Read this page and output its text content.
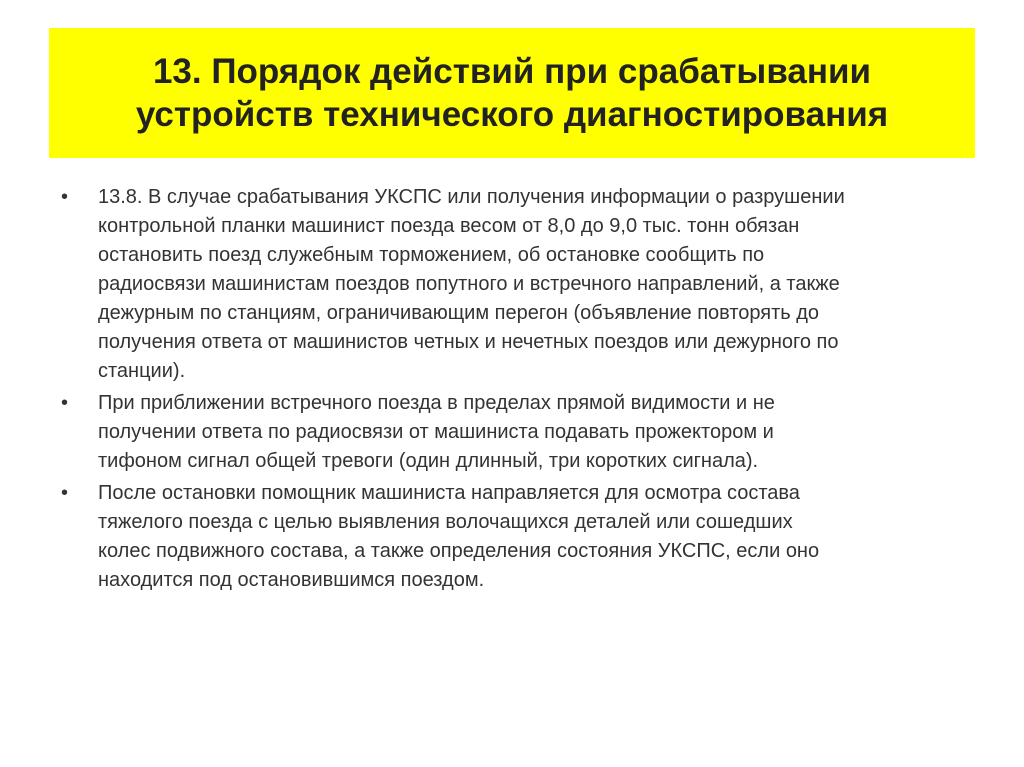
13. Порядок действий при срабатывании
устройств технического диагностирования
•	13.8. В случае срабатывания УКСПС или получения информации о разрушении
контрольной планки машинист поезда весом от 8,0 до 9,0 тыс. тонн обязан
остановить поезд служебным торможением, об остановке сообщить по
радиосвязи машинистам поездов попутного и встречного направлений, а также
дежурным по станциям, ограничивающим перегон (объявление повторять до
получения ответа от машинистов четных и нечетных поездов или дежурного по
станции).

•	При приближении встречного поезда в пределах прямой видимости и не
получении ответа по радиосвязи от машиниста подавать прожектором и
тифоном сигнал общей тревоги (один длинный, три коротких сигнала).

•	После остановки помощник машиниста направляется для осмотра состава
тяжелого поезда с целью выявления волочащихся деталей или сошедших
колес подвижного состава, а также определения состояния УКСПС, если оно
находится под остановившимся поездом.
